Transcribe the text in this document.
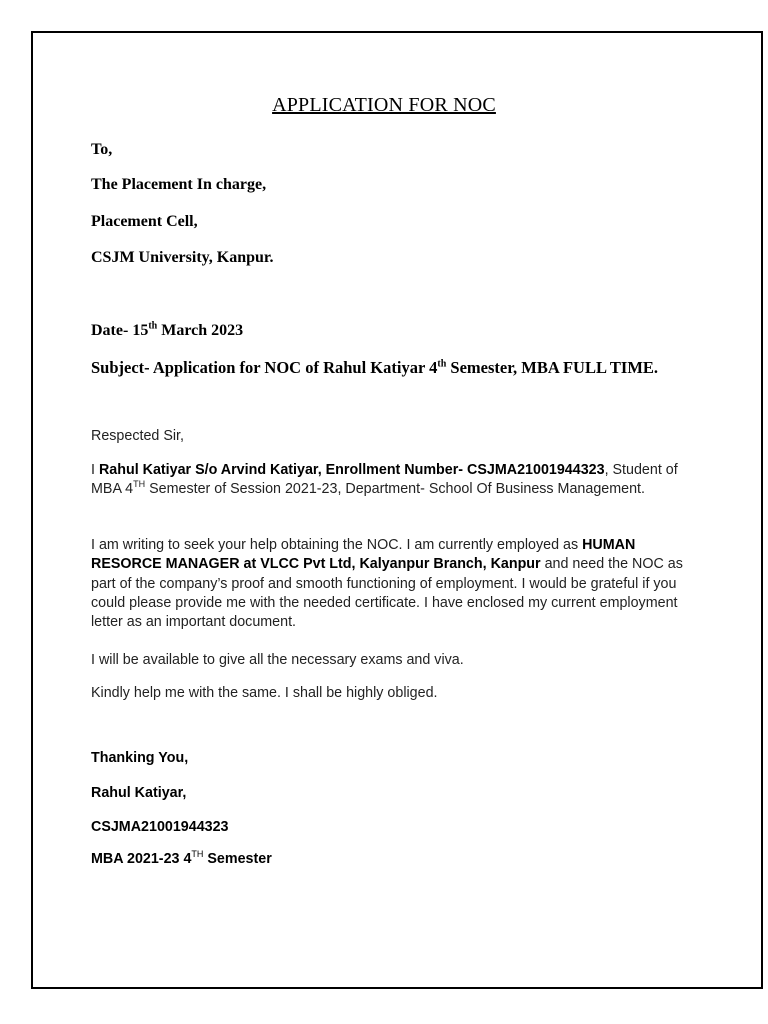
APPLICATION FOR NOC
To,
The Placement In charge,
Placement Cell,
CSJM University, Kanpur.
Date- 15th March 2023
Subject- Application for NOC of Rahul Katiyar 4th Semester, MBA FULL TIME.
Respected Sir,
I Rahul Katiyar S/o Arvind Katiyar, Enrollment Number- CSJMA21001944323, Student of MBA 4TH Semester of Session 2021-23, Department- School Of Business Management.
I am writing to seek your help obtaining the NOC. I am currently employed as HUMAN RESORCE MANAGER at VLCC Pvt Ltd, Kalyanpur Branch, Kanpur and need the NOC as part of the company’s proof and smooth functioning of employment. I would be grateful if you could please provide me with the needed certificate. I have enclosed my current employment letter as an important document.
I will be available to give all the necessary exams and viva.
Kindly help me with the same. I shall be highly obliged.
Thanking You,
Rahul Katiyar,
CSJMA21001944323
MBA 2021-23 4TH Semester
